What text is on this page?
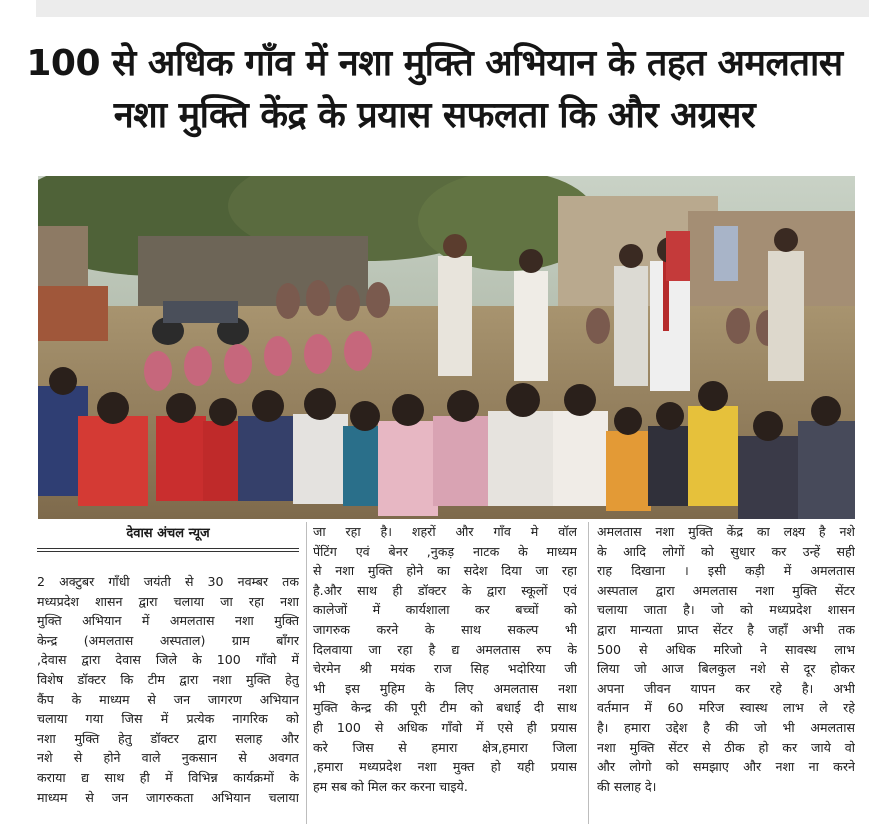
100 से अधिक गाँव में नशा मुक्ति अभियान के तहत अमलतास
नशा मुक्ति केंद्र के प्रयास सफलता कि और अग्रसर
देवास अंचल न्यूज
2 अक्टुबर गाँधी जयंती से 30 नवम्बर तक
मध्यप्रदेश शासन द्वारा चलाया जा रहा नशा
मुक्ति अभियान में अमलतास नशा मुक्ति
केन्द्र (अमलतास अस्पताल) ग्राम बाँगर
,देवास द्वारा देवास जिले के 100 गाँवो में
विशेष डॉक्टर कि टीम द्वारा नशा मुक्ति हेतु
कैंप के माध्यम से जन जागरण अभियान
चलाया गया जिस में प्रत्येक नागरिक को
नशा मुक्ति हेतु डॉक्टर द्वारा सलाह और
नशे से होने वाले नुकसान से अवगत
कराया द्य साथ ही में विभिन्न कार्यक्रमों के
माध्यम से जन जागरुकता अभियान चलाया
जा रहा है। शहरों और गाँव मे वॉल
पेंटिंग एवं बेनर ,नुकड़ नाटक के माध्यम
से नशा मुक्ति होने का सदेश दिया जा रहा
है.और साथ ही डॉक्टर के द्वारा स्कूलों एवं
कालेजों में कार्यशाला कर बच्चों को
जागरुक करने के साथ सकल्प भी
दिलवाया जा रहा है द्य अमलतास रुप के
चेरमेन श्री मयंक राज सिह भदोरिया जी
भी इस मुहिम के लिए अमलतास नशा
मुक्ति केन्द्र की पूरी टीम को बधाई दी साथ
ही 100 से अधिक गाँवो में एसे ही प्रयास
करे जिस से हमारा क्षेत्र,हमारा जिला
,हमारा मध्यप्रदेश नशा मुक्त हो यही प्रयास
हम सब को मिल कर करना चाइये.
अमलतास नशा मुक्ति केंद्र का लक्ष्य है नशे
के आदि लोगों को सुधार कर उन्हें सही
राह दिखाना । इसी कड़ी में अमलतास
अस्पताल द्वारा अमलतास नशा मुक्ति सेंटर
चलाया जाता है। जो को मध्यप्रदेश शासन
द्वारा मान्यता प्राप्त सेंटर है जहाँ अभी तक
500 से अधिक मरिजो ने सावस्थ लाभ
लिया जो आज बिलकुल नशे से दूर होकर
अपना जीवन यापन कर रहे है। अभी
वर्तमान में 60 मरिज स्वास्थ लाभ ले रहे
है। हमारा उद्देश है की जो भी अमलतास
नशा मुक्ति सेंटर से ठीक हो कर जाये वो
और लोगो को समझाए और नशा ना करने
की सलाह दे।
